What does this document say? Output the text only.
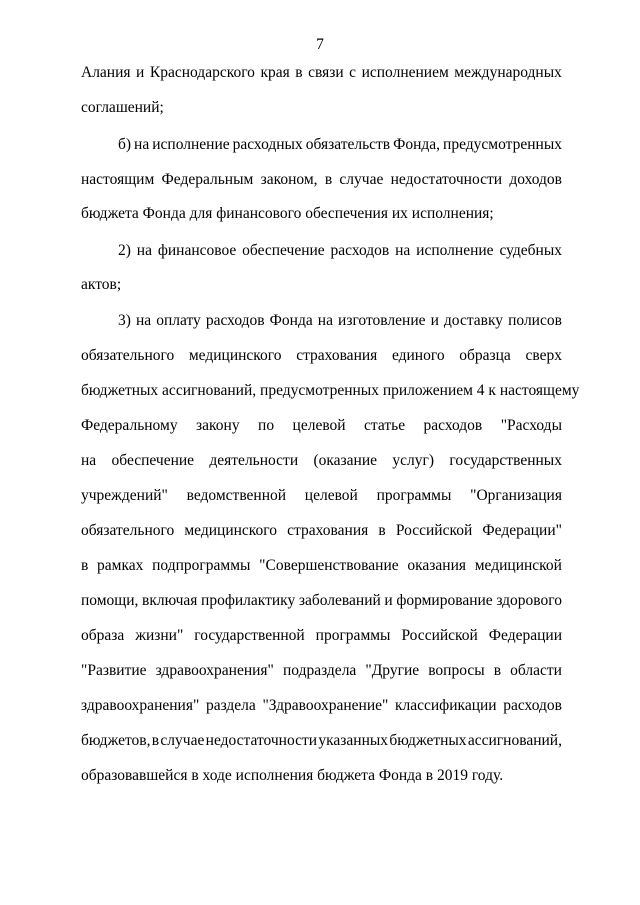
7
Алания и Краснодарского края в связи с исполнением международных
соглашений;
б) на исполнение расходных обязательств Фонда, предусмотренных
настоящим Федеральным законом, в случае недостаточности доходов
бюджета Фонда для финансового обеспечения их исполнения;
2) на финансовое обеспечение расходов на исполнение судебных
актов;
3) на оплату расходов Фонда на изготовление и доставку полисов
обязательного медицинского страхования единого образца сверх
бюджетных ассигнований, предусмотренных приложением 4 к настоящему
Федеральному закону по целевой статье расходов "Расходы
на обеспечение деятельности (оказание услуг) государственных
учреждений" ведомственной целевой программы "Организация
обязательного медицинского страхования в Российской Федерации"
в рамках подпрограммы "Совершенствование оказания медицинской
помощи, включая профилактику заболеваний и формирование здорового
образа жизни" государственной программы Российской Федерации
"Развитие здравоохранения" подраздела "Другие вопросы в области
здравоохранения" раздела "Здравоохранение" классификации расходов
бюджетов, в случае недостаточности указанных бюджетных ассигнований,
образовавшейся в ходе исполнения бюджета Фонда в 2019 году.
